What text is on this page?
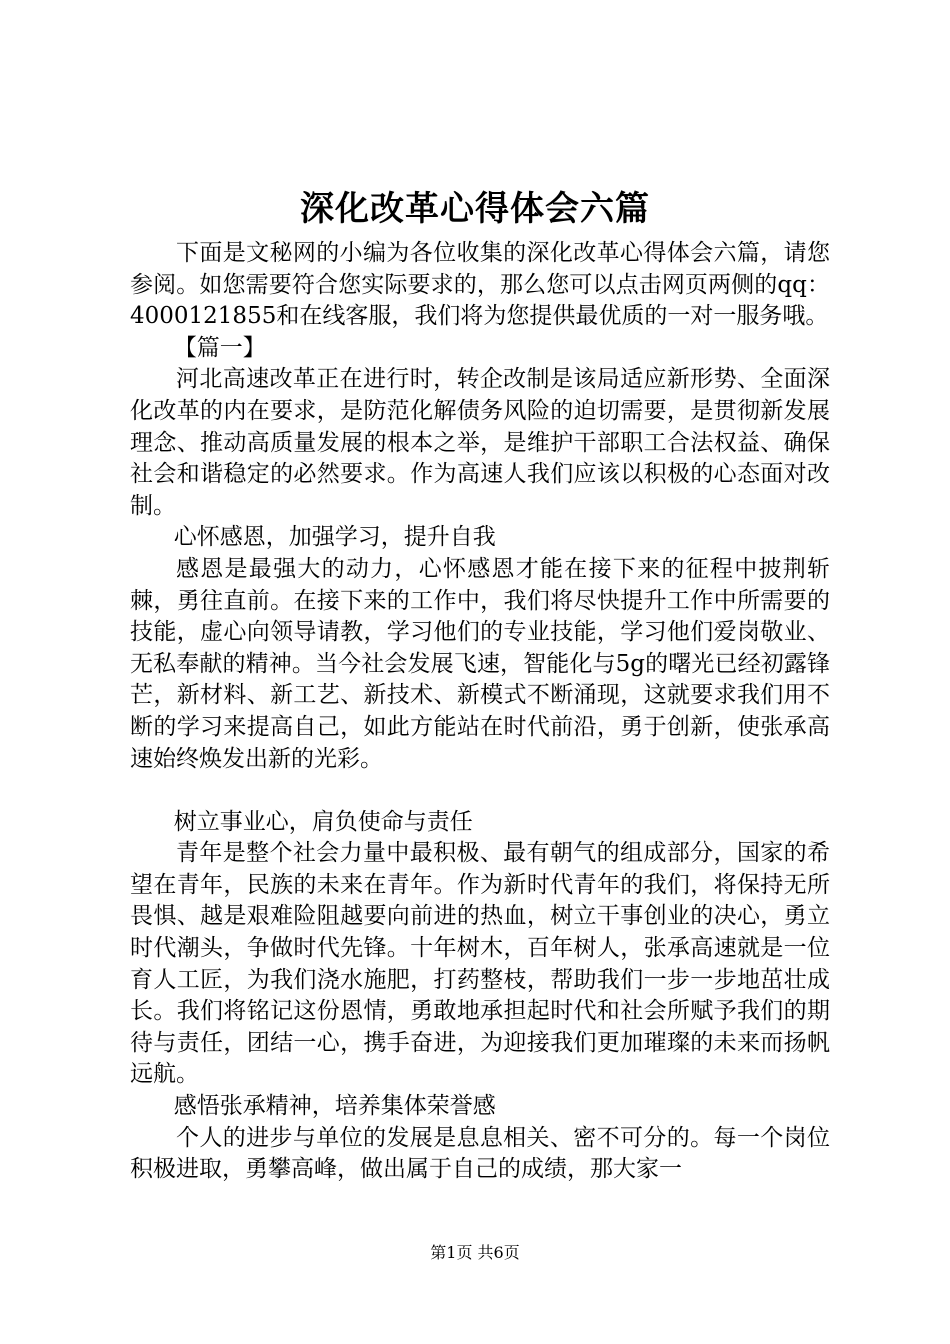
深化改革心得体会六篇

下面是文秘网的小编为各位收集的深化改革心得体会六篇，请您参阅。如您需要符合您实际要求的，那么您可以点击网页两侧的qq：4000121855和在线客服，我们将为您提供最优质的一对一服务哦。

【篇一】

河北高速改革正在进行时，转企改制是该局适应新形势、全面深化改革的内在要求，是防范化解债务风险的迫切需要，是贯彻新发展理念、推动高质量发展的根本之举，是维护干部职工合法权益、确保社会和谐稳定的必然要求。作为高速人我们应该以积极的心态面对改制。

心怀感恩，加强学习，提升自我

感恩是最强大的动力，心怀感恩才能在接下来的征程中披荆斩棘，勇往直前。在接下来的工作中，我们将尽快提升工作中所需要的技能，虚心向领导请教，学习他们的专业技能，学习他们爱岗敬业、无私奉献的精神。当今社会发展飞速，智能化与5g的曙光已经初露锋芒，新材料、新工艺、新技术、新模式不断涌现，这就要求我们用不断的学习来提高自己，如此方能站在时代前沿，勇于创新，使张承高速始终焕发出新的光彩。

树立事业心，肩负使命与责任

青年是整个社会力量中最积极、最有朝气的组成部分，国家的希望在青年，民族的未来在青年。作为新时代青年的我们，将保持无所畏惧、越是艰难险阻越要向前进的热血，树立干事创业的决心，勇立时代潮头，争做时代先锋。十年树木，百年树人，张承高速就是一位育人工匠，为我们浇水施肥，打药整枝，帮助我们一步一步地茁壮成长。我们将铭记这份恩情，勇敢地承担起时代和社会所赋予我们的期待与责任，团结一心，携手奋进，为迎接我们更加璀璨的未来而扬帆远航。

感悟张承精神，培养集体荣誉感

个人的进步与单位的发展是息息相关、密不可分的。每一个岗位积极进取，勇攀高峰，做出属于自己的成绩，那大家一

第1页 共6页
